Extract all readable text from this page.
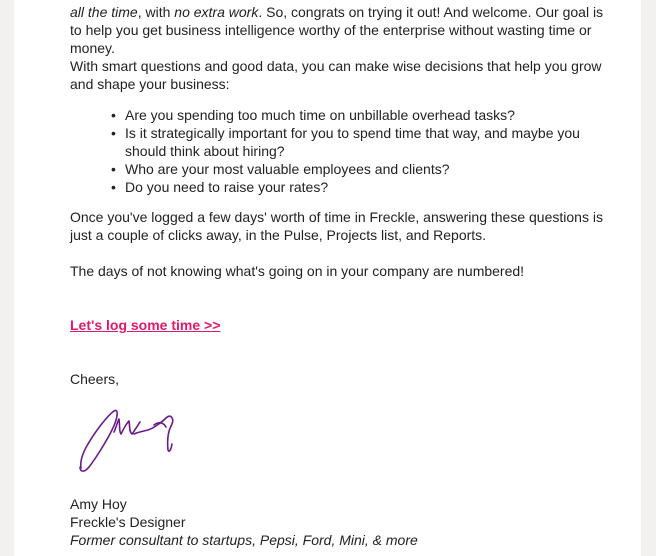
all the time, with no extra work. So, congrats on trying it out! And welcome. Our goal is to help you get business intelligence worthy of the enterprise without wasting time or money.

With smart questions and good data, you can make wise decisions that help you grow and shape your business:

• Are you spending too much time on unbillable overhead tasks?
• Is it strategically important for you to spend time that way, and maybe you should think about hiring?
• Who are your most valuable employees and clients?
• Do you need to raise your rates?

Once you've logged a few days' worth of time in Freckle, answering these questions is just a couple of clicks away, in the Pulse, Projects list, and Reports.

The days of not knowing what's going on in your company are numbered!

Let's log some time >>
Cheers,
Amy Hoy
Freckle's Designer
Former consultant to startups, Pepsi, Ford, Mini, & more
